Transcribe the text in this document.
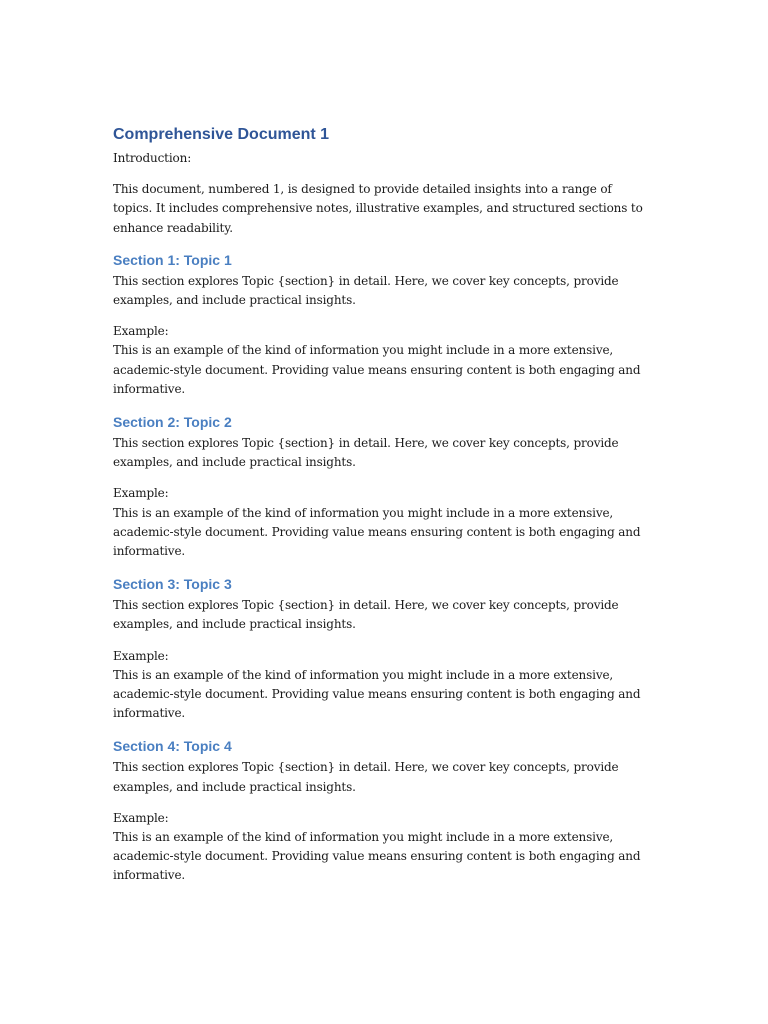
Comprehensive Document 1

Introduction:

This document, numbered 1, is designed to provide detailed insights into a range of topics. It includes comprehensive notes, illustrative examples, and structured sections to enhance readability.

Section 1: Topic 1

This section explores Topic {section} in detail. Here, we cover key concepts, provide examples, and include practical insights.

Example:

This is an example of the kind of information you might include in a more extensive, academic-style document. Providing value means ensuring content is both engaging and informative.

Section 2: Topic 2

This section explores Topic {section} in detail. Here, we cover key concepts, provide examples, and include practical insights.

Example:

This is an example of the kind of information you might include in a more extensive, academic-style document. Providing value means ensuring content is both engaging and informative.

Section 3: Topic 3

This section explores Topic {section} in detail. Here, we cover key concepts, provide examples, and include practical insights.

Example:

This is an example of the kind of information you might include in a more extensive, academic-style document. Providing value means ensuring content is both engaging and informative.

Section 4: Topic 4

This section explores Topic {section} in detail. Here, we cover key concepts, provide examples, and include practical insights.

Example:

This is an example of the kind of information you might include in a more extensive, academic-style document. Providing value means ensuring content is both engaging and informative.
